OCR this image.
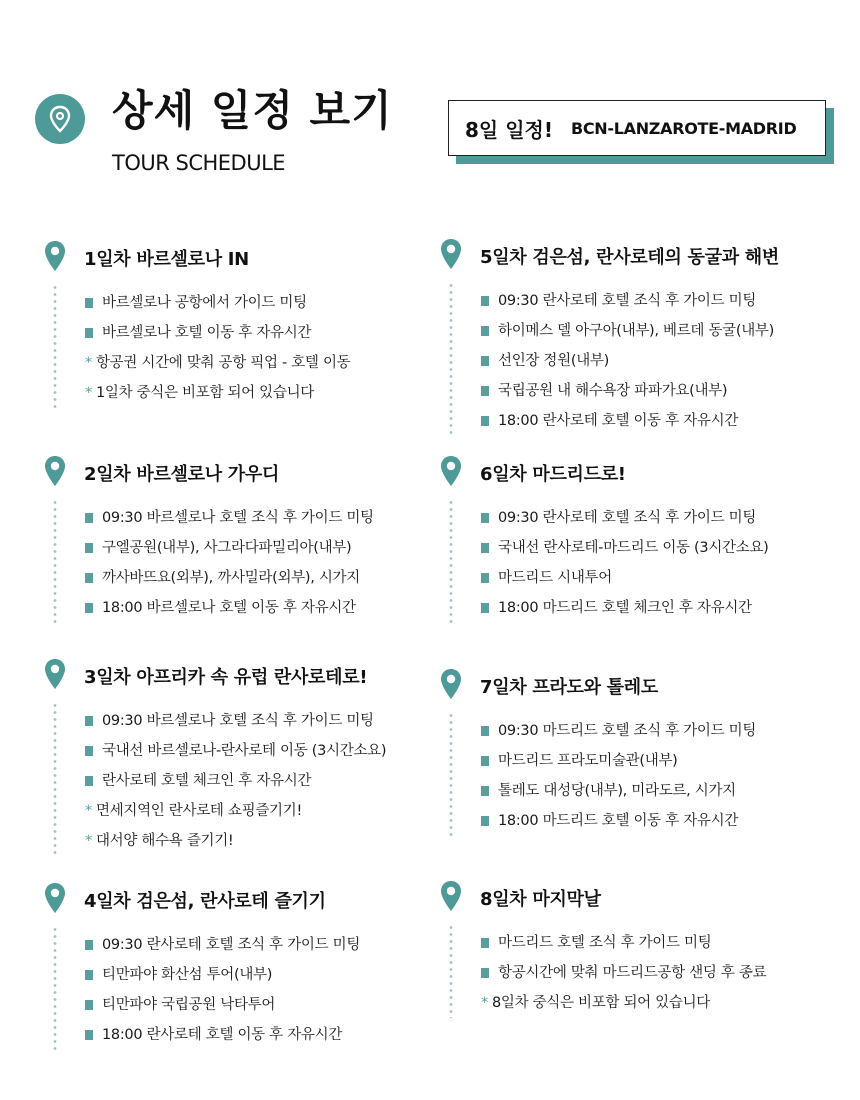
상세 일정 보기
TOUR SCHEDULE
8일 일정! BCN-LANZAROTE-MADRID
1일차 바르셀로나 IN
바르셀로나 공항에서 가이드 미팅
바르셀로나 호텔 이동 후 자유시간
* 항공권 시간에 맞춰 공항 픽업 - 호텔 이동
* 1일차 중식은 비포함 되어 있습니다
2일차 바르셀로나 가우디
09:30 바르셀로나 호텔 조식 후 가이드 미팅
구엘공원(내부), 사그라다파밀리아(내부)
까사바뜨요(외부), 까사밀라(외부), 시가지
18:00 바르셀로나 호텔 이동 후 자유시간
3일차 아프리카 속 유럽 란사로테로!
09:30 바르셀로나 호텔 조식 후 가이드 미팅
국내선 바르셀로나-란사로테 이동 (3시간소요)
란사로테 호텔 체크인 후 자유시간
* 면세지역인 란사로테 쇼핑즐기기!
* 대서양 해수욕 즐기기!
4일차 검은섬, 란사로테 즐기기
09:30 란사로테 호텔 조식 후 가이드 미팅
티만파야 화산섬 투어(내부)
티만파야 국립공원 낙타투어
18:00 란사로테 호텔 이동 후 자유시간
5일차 검은섬, 란사로테의 동굴과 해변
09:30 란사로테 호텔 조식 후 가이드 미팅
하이메스 델 아구아(내부), 베르데 동굴(내부)
선인장 정원(내부)
국립공원 내 해수욕장 파파가요(내부)
18:00 란사로테 호텔 이동 후 자유시간
6일차 마드리드로!
09:30 란사로테 호텔 조식 후 가이드 미팅
국내선 란사로테-마드리드 이동 (3시간소요)
마드리드 시내투어
18:00 마드리드 호텔 체크인 후 자유시간
7일차 프라도와 톨레도
09:30 마드리드 호텔 조식 후 가이드 미팅
마드리드 프라도미술관(내부)
톨레도 대성당(내부), 미라도르, 시가지
18:00 마드리드 호텔 이동 후 자유시간
8일차 마지막날
마드리드 호텔 조식 후 가이드 미팅
항공시간에 맞춰 마드리드공항 샌딩 후 종료
* 8일차 중식은 비포함 되어 있습니다
